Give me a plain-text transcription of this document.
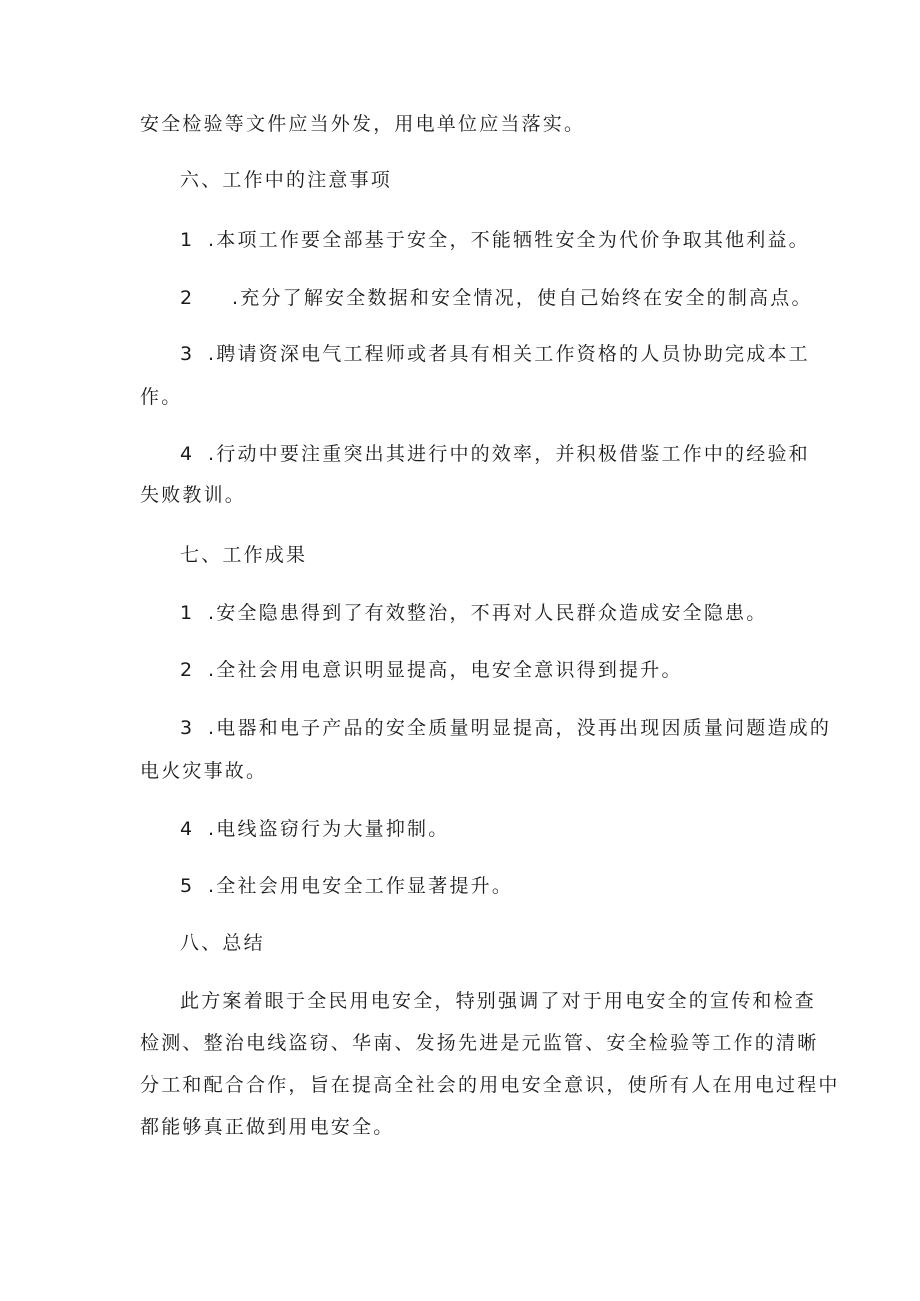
安全检验等文件应当外发，用电单位应当落实。
六、工作中的注意事项
1 .本项工作要全部基于安全，不能牺牲安全为代价争取其他利益。
2 .充分了解安全数据和安全情况，使自己始终在安全的制高点。
3 .聘请资深电气工程师或者具有相关工作资格的人员协助完成本工
作。
4 .行动中要注重突出其进行中的效率，并积极借鉴工作中的经验和
失败教训。
七、工作成果
1 .安全隐患得到了有效整治，不再对人民群众造成安全隐患。
2 .全社会用电意识明显提高，电安全意识得到提升。
3 .电器和电子产品的安全质量明显提高，没再出现因质量问题造成的
电火灾事故。
4 .电线盗窃行为大量抑制。
5 .全社会用电安全工作显著提升。
八、总结
此方案着眼于全民用电安全，特别强调了对于用电安全的宣传和检查
检测、整治电线盗窃、华南、发扬先进是元监管、安全检验等工作的清晰
分工和配合合作，旨在提高全社会的用电安全意识，使所有人在用电过程中
都能够真正做到用电安全。
